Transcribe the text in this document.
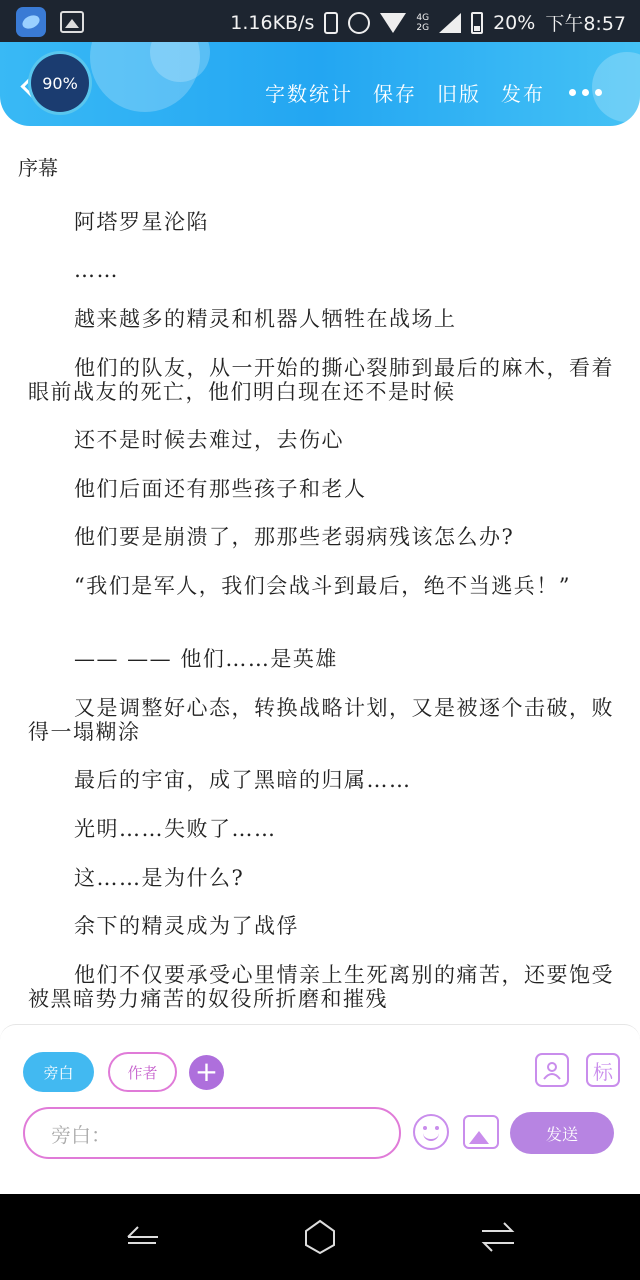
1.16KB/s	4G
2G	20% 下午8:57
90%	字数统计 保存 旧版 发布
序幕
阿塔罗星沦陷
……
越来越多的精灵和机器人牺牲在战场上
他们的队友，从一开始的撕心裂肺到最后的麻木，看着眼前战友的死亡，他们明白现在还不是时候
还不是时候去难过，去伤心
他们后面还有那些孩子和老人
他们要是崩溃了，那那些老弱病残该怎么办?
“我们是军人，我们会战斗到最后，绝不当逃兵！”
—— —— 他们……是英雄
又是调整好心态，转换战略计划，又是被逐个击破，败得一塌糊涂
最后的宇宙，成了黑暗的归属……
光明……失败了……
这……是为什么?
余下的精灵成为了战俘
他们不仅要承受心里情亲上生死离别的痛苦，还要饱受被黑暗势力痛苦的奴役所折磨和摧残
旁白	作者	+	标
旁白：	发送
